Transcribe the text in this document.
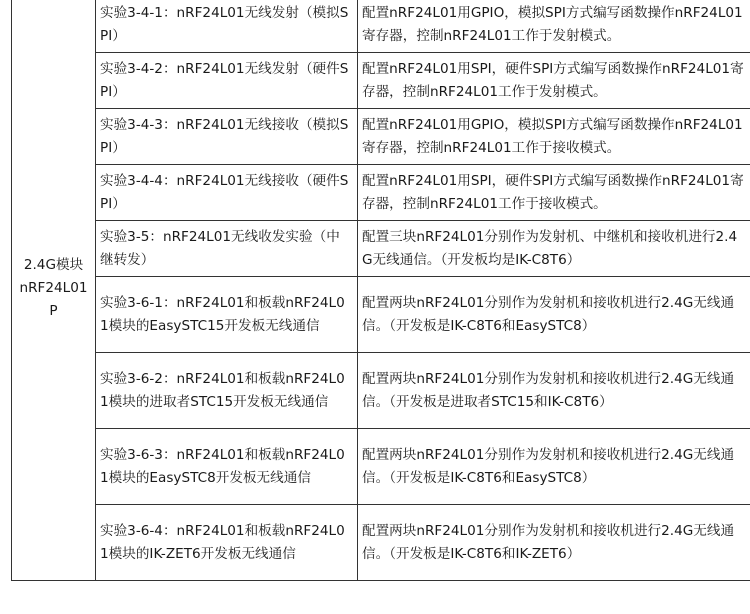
2.4G模块
nRF24L01
P	实验3-4-1：nRF24L01无线发射（模拟SPI）	配置nRF24L01用GPIO，模拟SPI方式编写函数操作nRF24L01寄存器，控制nRF24L01工作于发射模式。
	实验3-4-2：nRF24L01无线发射（硬件SPI）	配置nRF24L01用SPI，硬件SPI方式编写函数操作nRF24L01寄存器，控制nRF24L01工作于发射模式。
	实验3-4-3：nRF24L01无线接收（模拟SPI）	配置nRF24L01用GPIO，模拟SPI方式编写函数操作nRF24L01寄存器，控制nRF24L01工作于接收模式。
	实验3-4-4：nRF24L01无线接收（硬件SPI）	配置nRF24L01用SPI，硬件SPI方式编写函数操作nRF24L01寄存器，控制nRF24L01工作于接收模式。
	实验3-5：nRF24L01无线收发实验（中继转发）	配置三块nRF24L01分别作为发射机、中继机和接收机进行2.4G无线通信。（开发板均是IK-C8T6）
	实验3-6-1：nRF24L01和板载nRF24L01模块的EasySTC15开发板无线通信	配置两块nRF24L01分别作为发射机和接收机进行2.4G无线通信。（开发板是IK-C8T6和EasySTC8）
	实验3-6-2：nRF24L01和板载nRF24L01模块的进取者STC15开发板无线通信	配置两块nRF24L01分别作为发射机和接收机进行2.4G无线通信。（开发板是进取者STC15和IK-C8T6）
	实验3-6-3：nRF24L01和板载nRF24L01模块的EasySTC8开发板无线通信	配置两块nRF24L01分别作为发射机和接收机进行2.4G无线通信。（开发板是IK-C8T6和EasySTC8）
	实验3-6-4：nRF24L01和板载nRF24L01模块的IK-ZET6开发板无线通信	配置两块nRF24L01分别作为发射机和接收机进行2.4G无线通信。（开发板是IK-C8T6和IK-ZET6）
